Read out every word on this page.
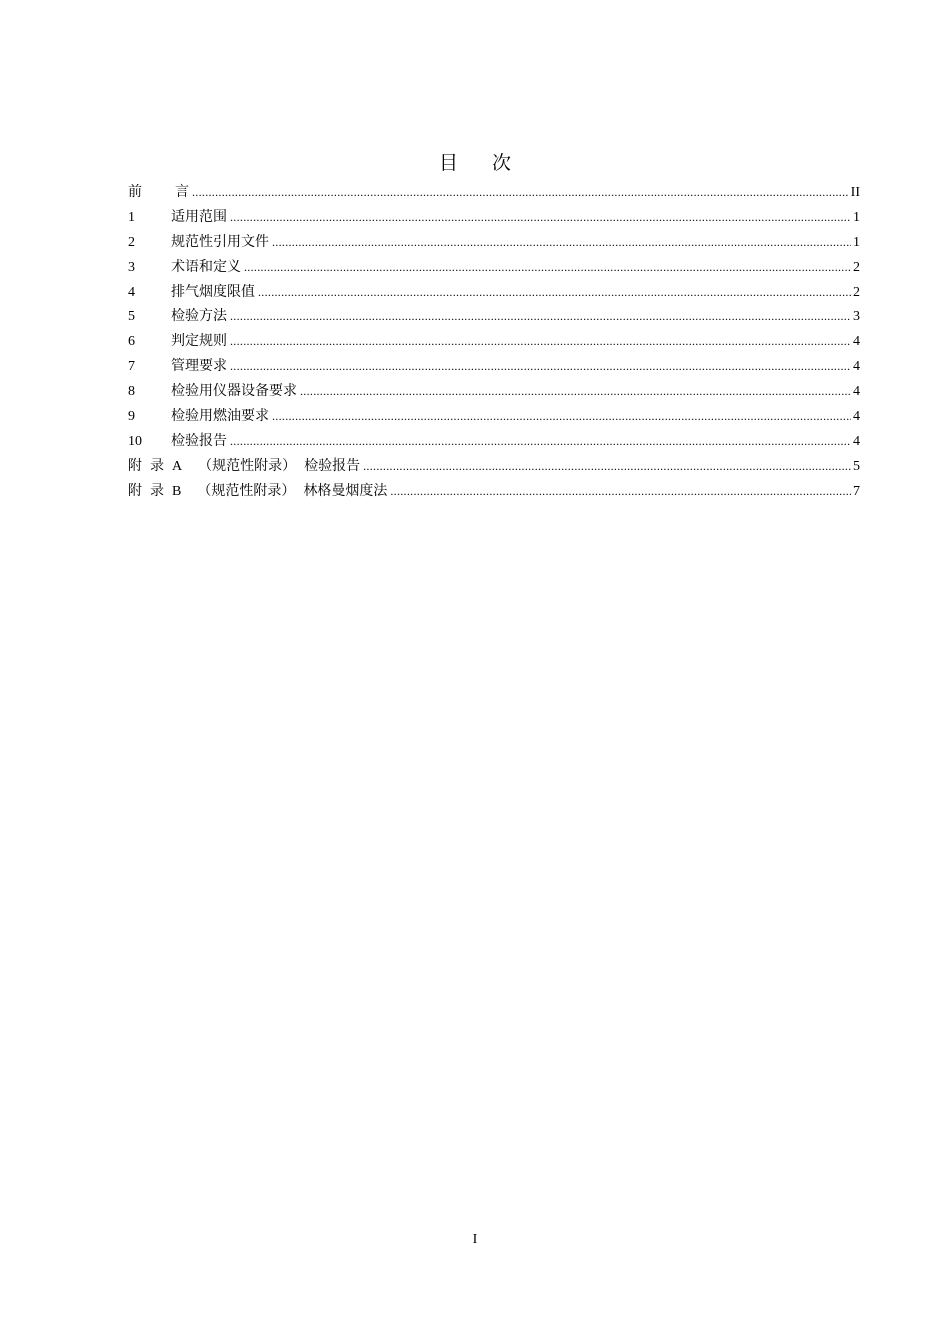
目 次
前 言 .....	II
1	适用范围 .....	1
2	规范性引用文件 .....	1
3	术语和定义 .....	2
4	排气烟度限值 .....	2
5	检验方法 .....	3
6	判定规则 .....	4
7	管理要求 .....	4
8	检验用仪器设备要求 .....	4
9	检验用燃油要求 .....	4
10	检验报告 .....	4
附 录 A （规范性附录） 检验报告 .....	5
附 录 B （规范性附录） 林格曼烟度法 .....	7
I
